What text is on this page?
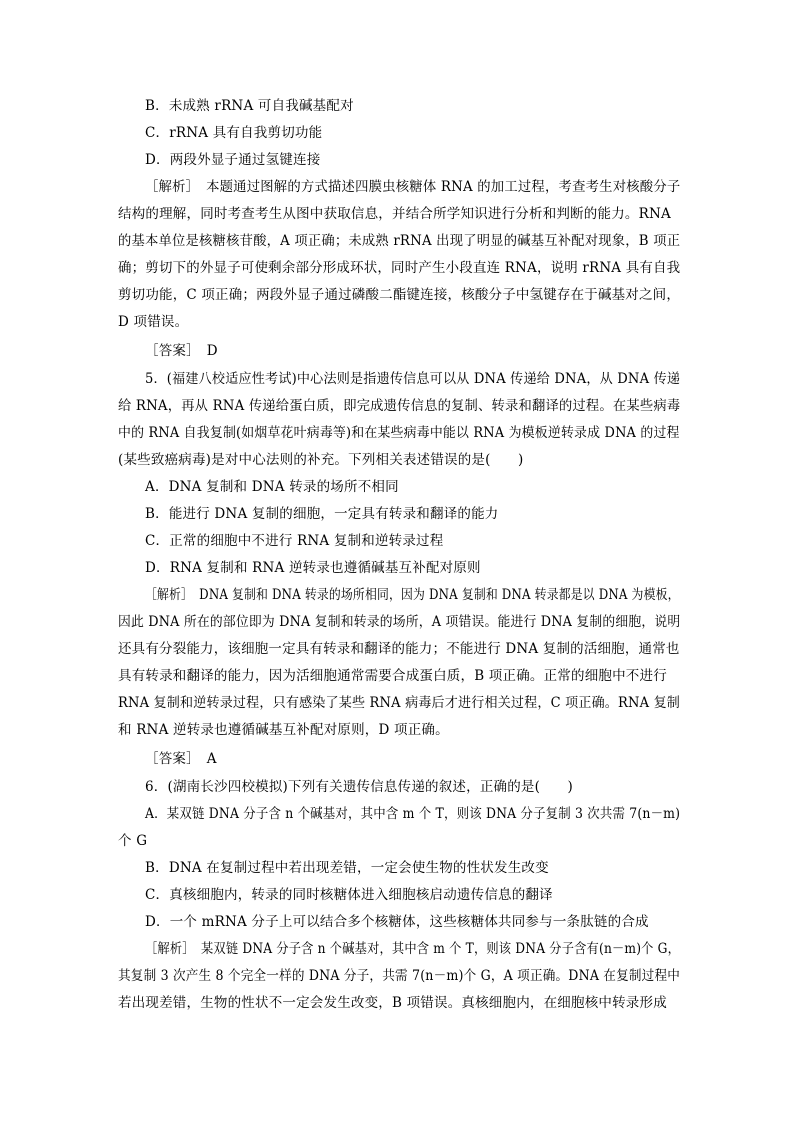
B．未成熟 rRNA 可自我碱基配对
C．rRNA 具有自我剪切功能
D．两段外显子通过氢键连接
［解析］　本题通过图解的方式描述四膜虫核糖体 RNA 的加工过程，考查考生对核酸分子
结构的理解，同时考查考生从图中获取信息，并结合所学知识进行分析和判断的能力。RNA
的基本单位是核糖核苷酸，A 项正确；未成熟 rRNA 出现了明显的碱基互补配对现象，B 项正
确；剪切下的外显子可使剩余部分形成环状，同时产生小段直连 RNA，说明 rRNA 具有自我
剪切功能，C 项正确；两段外显子通过磷酸二酯键连接，核酸分子中氢键存在于碱基对之间，
D 项错误。
［答案］　D
5．(福建八校适应性考试)中心法则是指遗传信息可以从 DNA 传递给 DNA，从 DNA 传递
给 RNA，再从 RNA 传递给蛋白质，即完成遗传信息的复制、转录和翻译的过程。在某些病毒
中的 RNA 自我复制(如烟草花叶病毒等)和在某些病毒中能以 RNA 为模板逆转录成 DNA 的过程
(某些致癌病毒)是对中心法则的补充。下列相关表述错误的是(　　)
A．DNA 复制和 DNA 转录的场所不相同
B．能进行 DNA 复制的细胞，一定具有转录和翻译的能力
C．正常的细胞中不进行 RNA 复制和逆转录过程
D．RNA 复制和 RNA 逆转录也遵循碱基互补配对原则
［解析］　DNA 复制和 DNA 转录的场所相同，因为 DNA 复制和 DNA 转录都是以 DNA 为模板，
因此 DNA 所在的部位即为 DNA 复制和转录的场所，A 项错误。能进行 DNA 复制的细胞，说明
还具有分裂能力，该细胞一定具有转录和翻译的能力；不能进行 DNA 复制的活细胞，通常也
具有转录和翻译的能力，因为活细胞通常需要合成蛋白质，B 项正确。正常的细胞中不进行
RNA 复制和逆转录过程，只有感染了某些 RNA 病毒后才进行相关过程，C 项正确。RNA 复制
和 RNA 逆转录也遵循碱基互补配对原则，D 项正确。
［答案］　A
6．(湖南长沙四校模拟)下列有关遗传信息传递的叙述，正确的是(　　)
A．某双链 DNA 分子含 n 个碱基对，其中含 m 个 T，则该 DNA 分子复制 3 次共需 7(n－m)
个 G
B．DNA 在复制过程中若出现差错，一定会使生物的性状发生改变
C．真核细胞内，转录的同时核糖体进入细胞核启动遗传信息的翻译
D．一个 mRNA 分子上可以结合多个核糖体，这些核糖体共同参与一条肽链的合成
［解析］　某双链 DNA 分子含 n 个碱基对，其中含 m 个 T，则该 DNA 分子含有(n－m)个 G，
其复制 3 次产生 8 个完全一样的 DNA 分子，共需 7(n－m)个 G，A 项正确。DNA 在复制过程中
若出现差错，生物的性状不一定会发生改变，B 项错误。真核细胞内，在细胞核中转录形成
